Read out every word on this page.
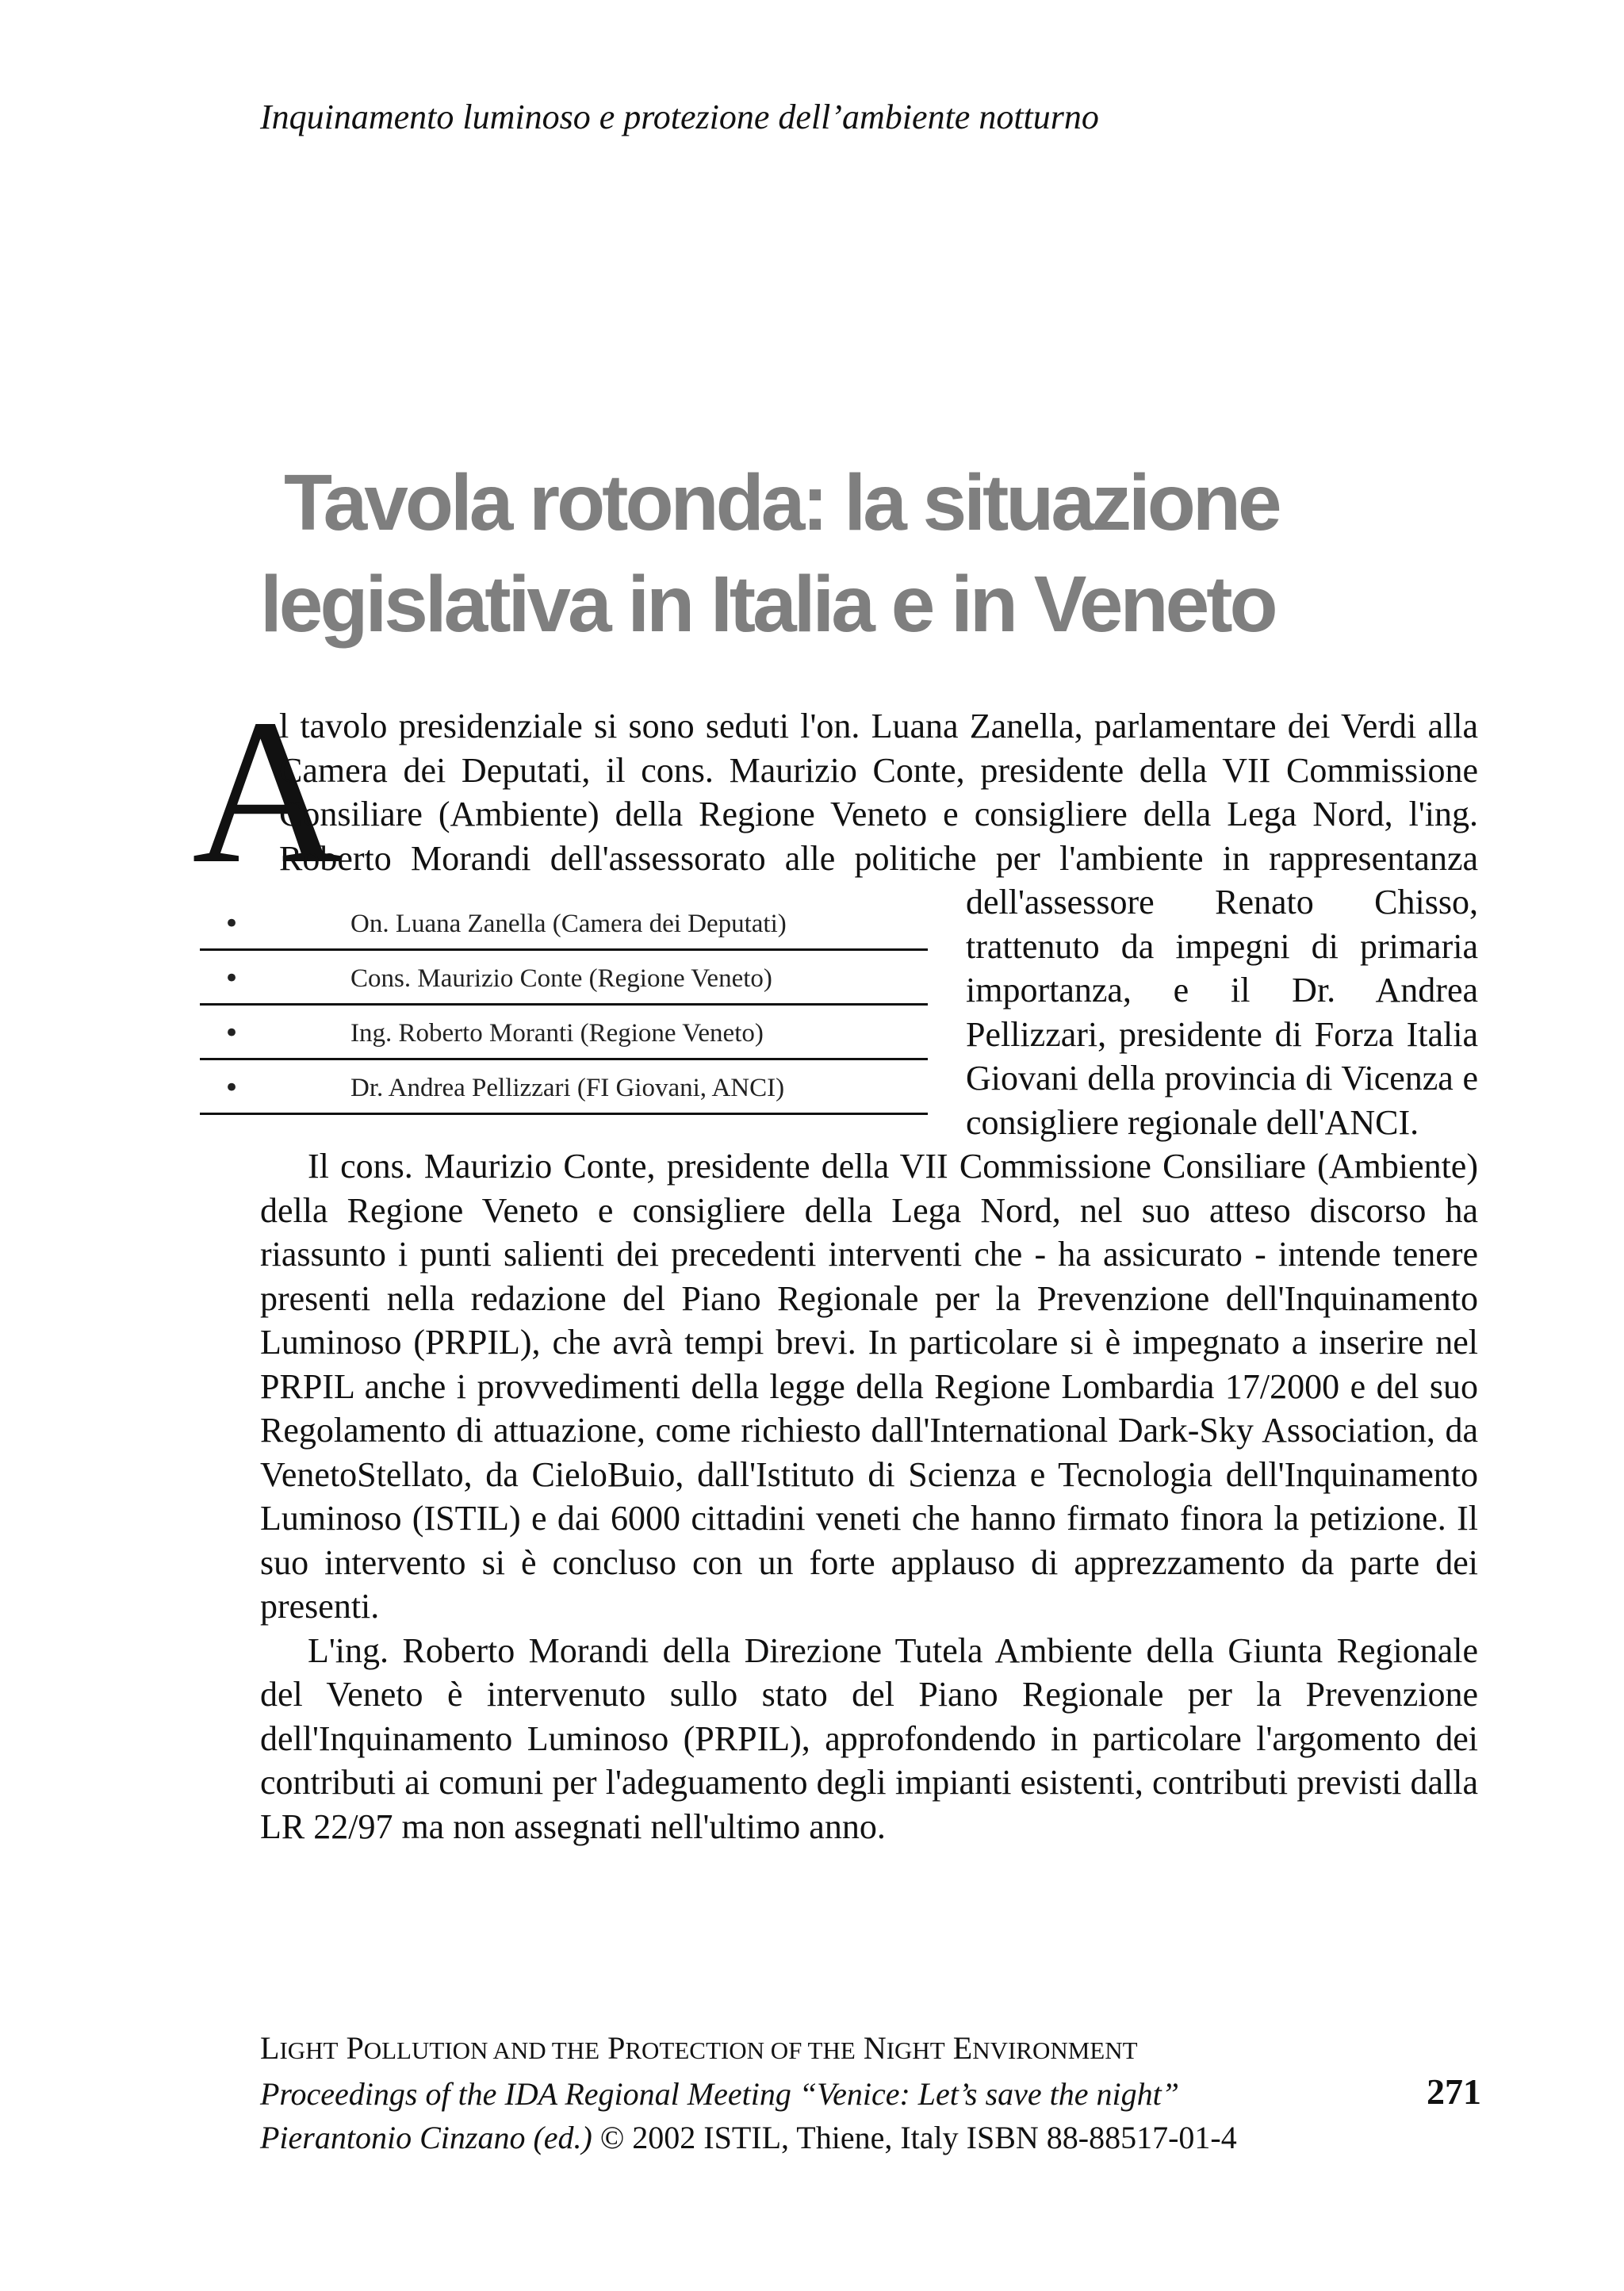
Inquinamento luminoso e protezione dell’ambiente notturno
Tavola rotonda: la situazione
legislativa in Italia e in Veneto

A
l tavolo presidenziale si sono seduti l'on. Luana Zanella, parlamentare dei Verdi alla Camera dei Deputati, il cons. Maurizio Conte, presidente della VII Commissione Consiliare (Ambiente) della Regione Veneto e consigliere della Lega Nord, l'ing. Roberto Morandi dell'assessorato alle
•	On. Luana Zanella (Camera dei Deputati)
•	Cons. Maurizio Conte (Regione Veneto)
•	Ing. Roberto Moranti (Regione Veneto)
•	Dr. Andrea Pellizzari (FI Giovani, ANCI)
politiche per l'ambiente in rappresentanza dell'assessore Renato Chisso, trattenuto da impegni di primaria importanza, e il Dr. Andrea Pellizzari, presidente di Forza Italia Giovani della provincia di Vicenza e consigliere regionale dell'ANCI.

Il cons. Maurizio Conte, presidente della VII Commissione Consiliare (Ambiente) della Regione Veneto e consigliere della Lega Nord, nel suo atteso discorso ha riassunto i punti salienti dei precedenti interventi che - ha assicurato - intende tenere presenti nella redazione del Piano Regionale per la Prevenzione dell'Inquinamento Luminoso (PRPIL), che avrà tempi brevi. In particolare si è impegnato a inserire nel PRPIL anche i provvedimenti della legge della Regione Lombardia 17/2000 e del suo Regolamento di attuazione, come richiesto dall'International Dark-Sky Association, da VenetoStellato, da CieloBuio, dall'Istituto di Scienza e Tecnologia dell'Inquinamento Luminoso (ISTIL) e dai 6000 cittadini veneti che hanno firmato finora la petizione. Il suo intervento si è concluso con un forte applauso di apprezzamento da parte dei presenti.

L'ing. Roberto Morandi della Direzione Tutela Ambiente della Giunta Regionale del Veneto è intervenuto sullo stato del Piano Regionale per la Prevenzione dell'Inquinamento Luminoso (PRPIL), approfondendo in particolare l'argomento dei contributi ai comuni per l'adeguamento degli impianti esistenti, contributi previsti dalla LR 22/97 ma non assegnati nell'ultimo anno.

LIGHT POLLUTION AND THE PROTECTION OF THE NIGHT ENVIRONMENT
Proceedings of the IDA Regional Meeting “Venice: Let’s save the night”
Pierantonio Cinzano (ed.) © 2002 ISTIL, Thiene, Italy ISBN 88-88517-01-4
271
